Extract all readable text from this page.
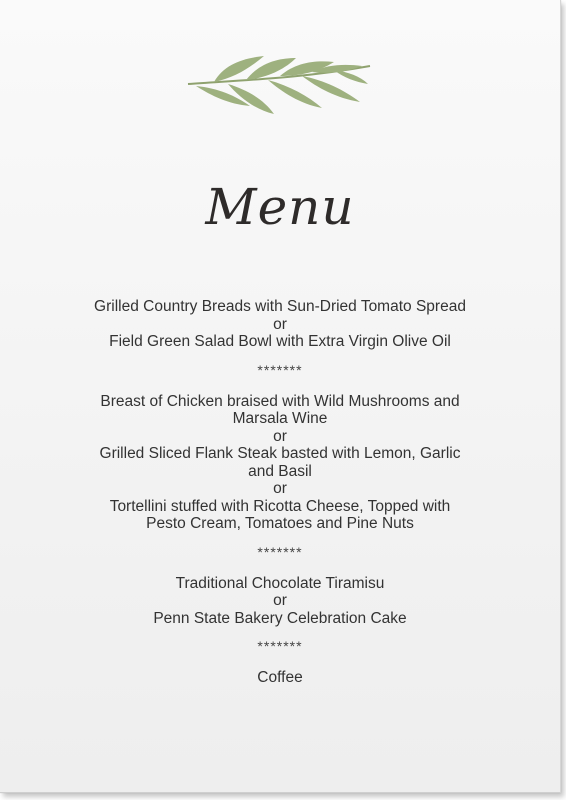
Menu

Grilled Country Breads with Sun-Dried Tomato Spread

or

Field Green Salad Bowl with Extra Virgin Olive Oil

*******

Breast of Chicken braised with Wild Mushrooms and Marsala Wine

or

Grilled Sliced Flank Steak basted with Lemon, Garlic and Basil

or

Tortellini stuffed with Ricotta Cheese, Topped with Pesto Cream, Tomatoes and Pine Nuts

*******

Traditional Chocolate Tiramisu

or

Penn State Bakery Celebration Cake

*******

Coffee
